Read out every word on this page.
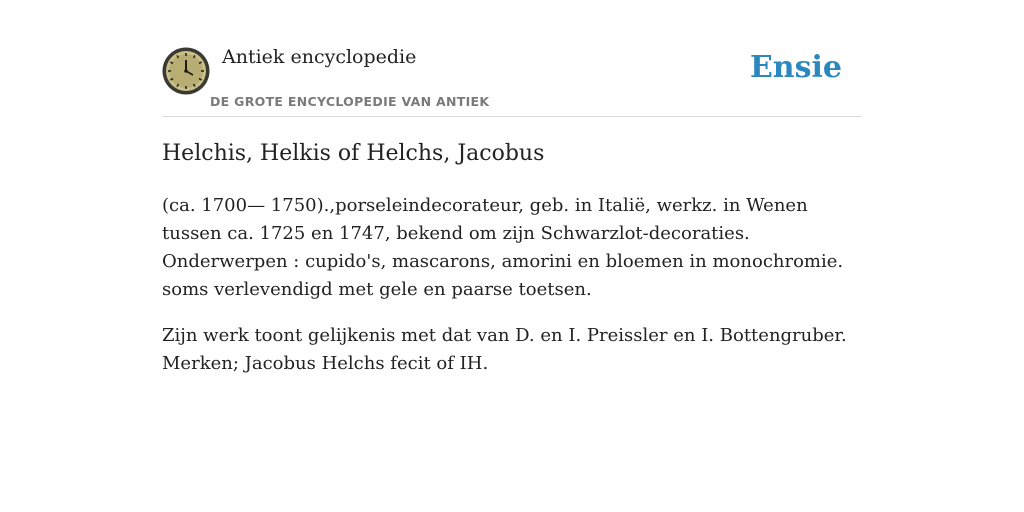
Antiek encyclopedie
DE GROTE ENCYCLOPEDIE VAN ANTIEK
Ensie
Helchis, Helkis of Helchs, Jacobus

(ca. 1700— 1750).,porseleindecorateur, geb. in Italië, werkz. in Wenen tussen ca. 1725 en 1747, bekend om zijn Schwarzlot-decoraties. Onderwerpen : cupido's, mascarons, amorini en bloemen in monochromie. soms verlevendigd met gele en paarse toetsen.

Zijn werk toont gelijkenis met dat van D. en I. Preissler en I. Bottengruber. Merken; Jacobus Helchs fecit of IH.
